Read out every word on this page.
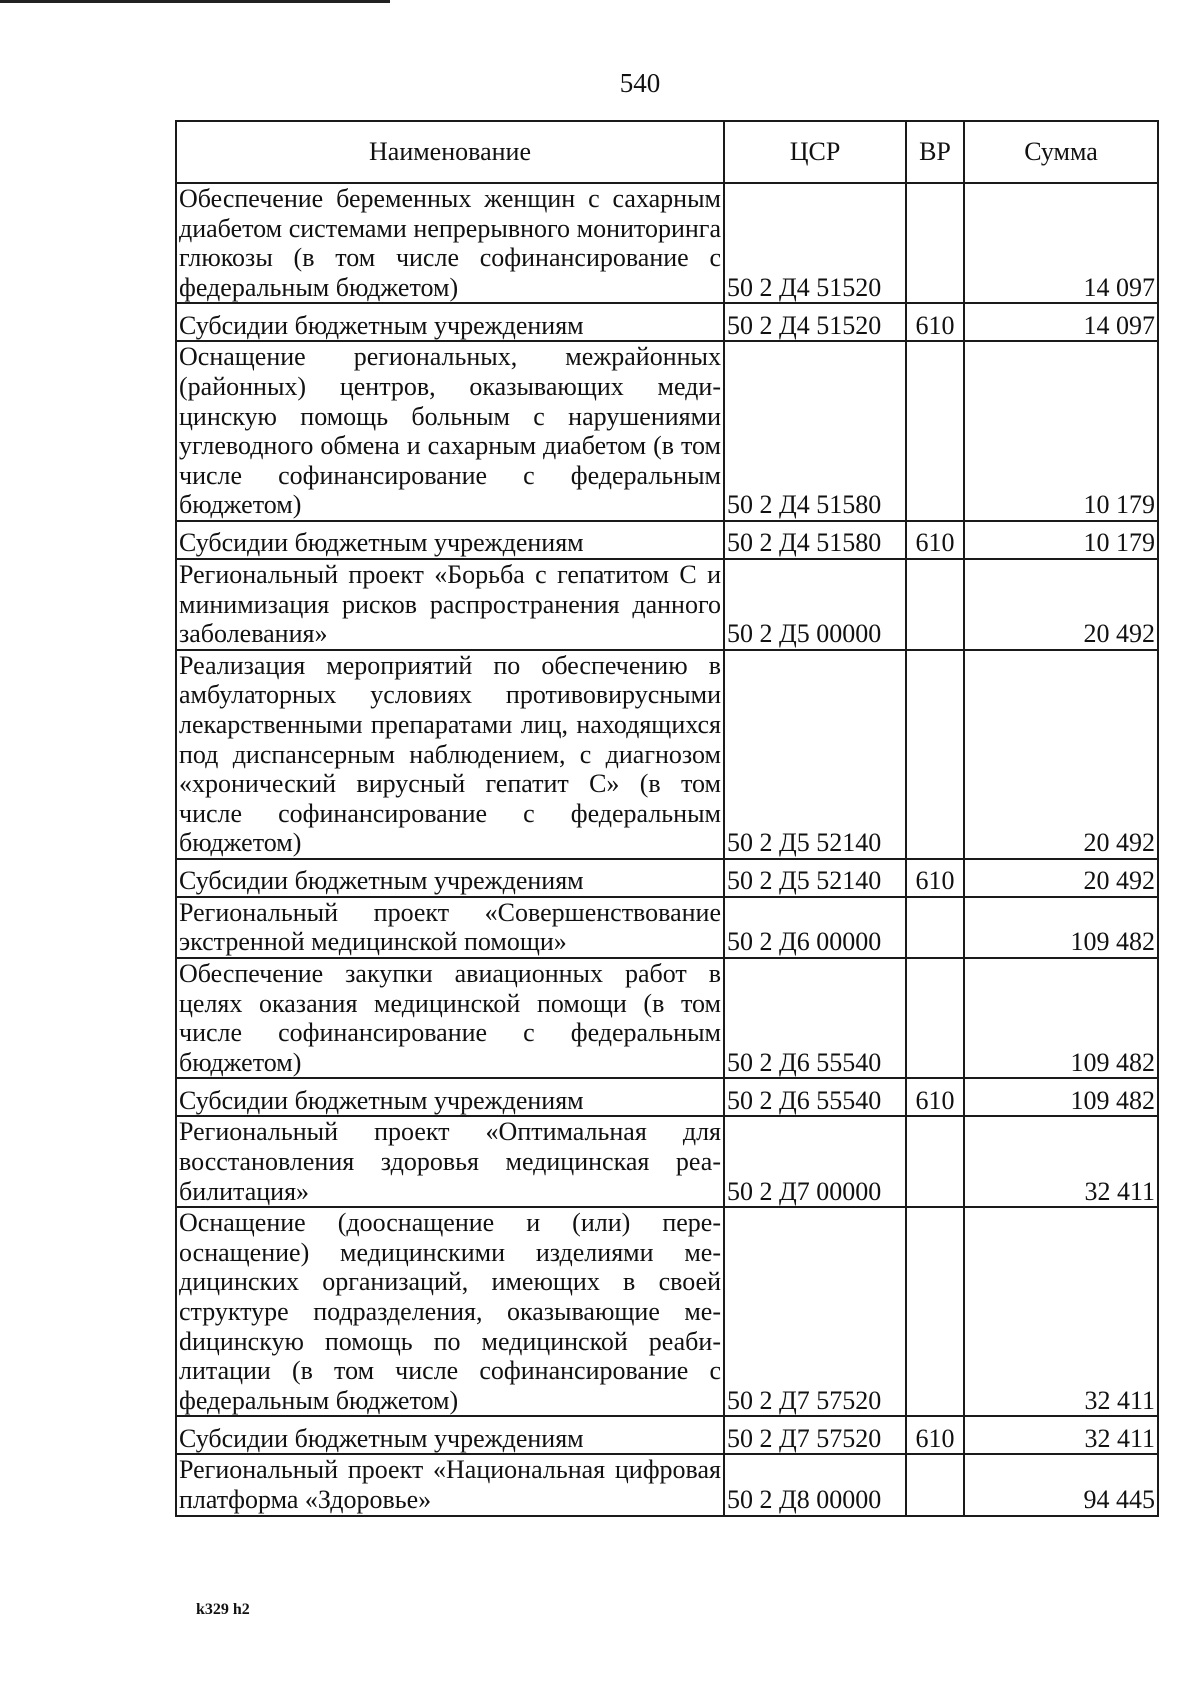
540
Наименование	ЦСР	ВР	Сумма
Обеспечение беременных женщин с сахарным диабетом системами непрерывного мониторинга глюкозы (в том числе софинансирование с федеральным бюджетом)	50 2 Д4 51520		14 097
Субсидии бюджетным учреждениям	50 2 Д4 51520	610	14 097
Оснащение региональных, межрайонных (районных) центров, оказывающих медицинскую помощь больным с нарушениями углеводного обмена и сахарным диабетом (в том числе софинансирование с федеральным бюджетом)	50 2 Д4 51580		10 179
Субсидии бюджетным учреждениям	50 2 Д4 51580	610	10 179
Региональный проект «Борьба с гепатитом С и минимизация рисков распространения данного заболевания»	50 2 Д5 00000		20 492
Реализация мероприятий по обеспечению в амбулаторных условиях противовирусными лекарственными препаратами лиц, находящихся под диспансерным наблюдением, с диагнозом «хронический вирусный гепатит С» (в том числе софинансирование с федеральным бюджетом)	50 2 Д5 52140		20 492
Субсидии бюджетным учреждениям	50 2 Д5 52140	610	20 492
Региональный проект «Совершенствование экстренной медицинской помощи»	50 2 Д6 00000		109 482
Обеспечение закупки авиационных работ в целях оказания медицинской помощи (в том числе софинансирование с федеральным бюджетом)	50 2 Д6 55540		109 482
Субсидии бюджетным учреждениям	50 2 Д6 55540	610	109 482
Региональный проект «Оптимальная для восстановления здоровья медицинская реабилитация»	50 2 Д7 00000		32 411
Оснащение (дооснащение и (или) переоснащение) медицинскими изделиями медицинских организаций, имеющих в своей структуре подразделения, оказывающие меdицинскую помощь по медицинской реабилитации (в том числе софинансирование с федеральным бюджетом)	50 2 Д7 57520		32 411
Субсидии бюджетным учреждениям	50 2 Д7 57520	610	32 411
Региональный проект «Национальная цифровая платформа «Здоровье»	50 2 Д8 00000		94 445
k329 h2
